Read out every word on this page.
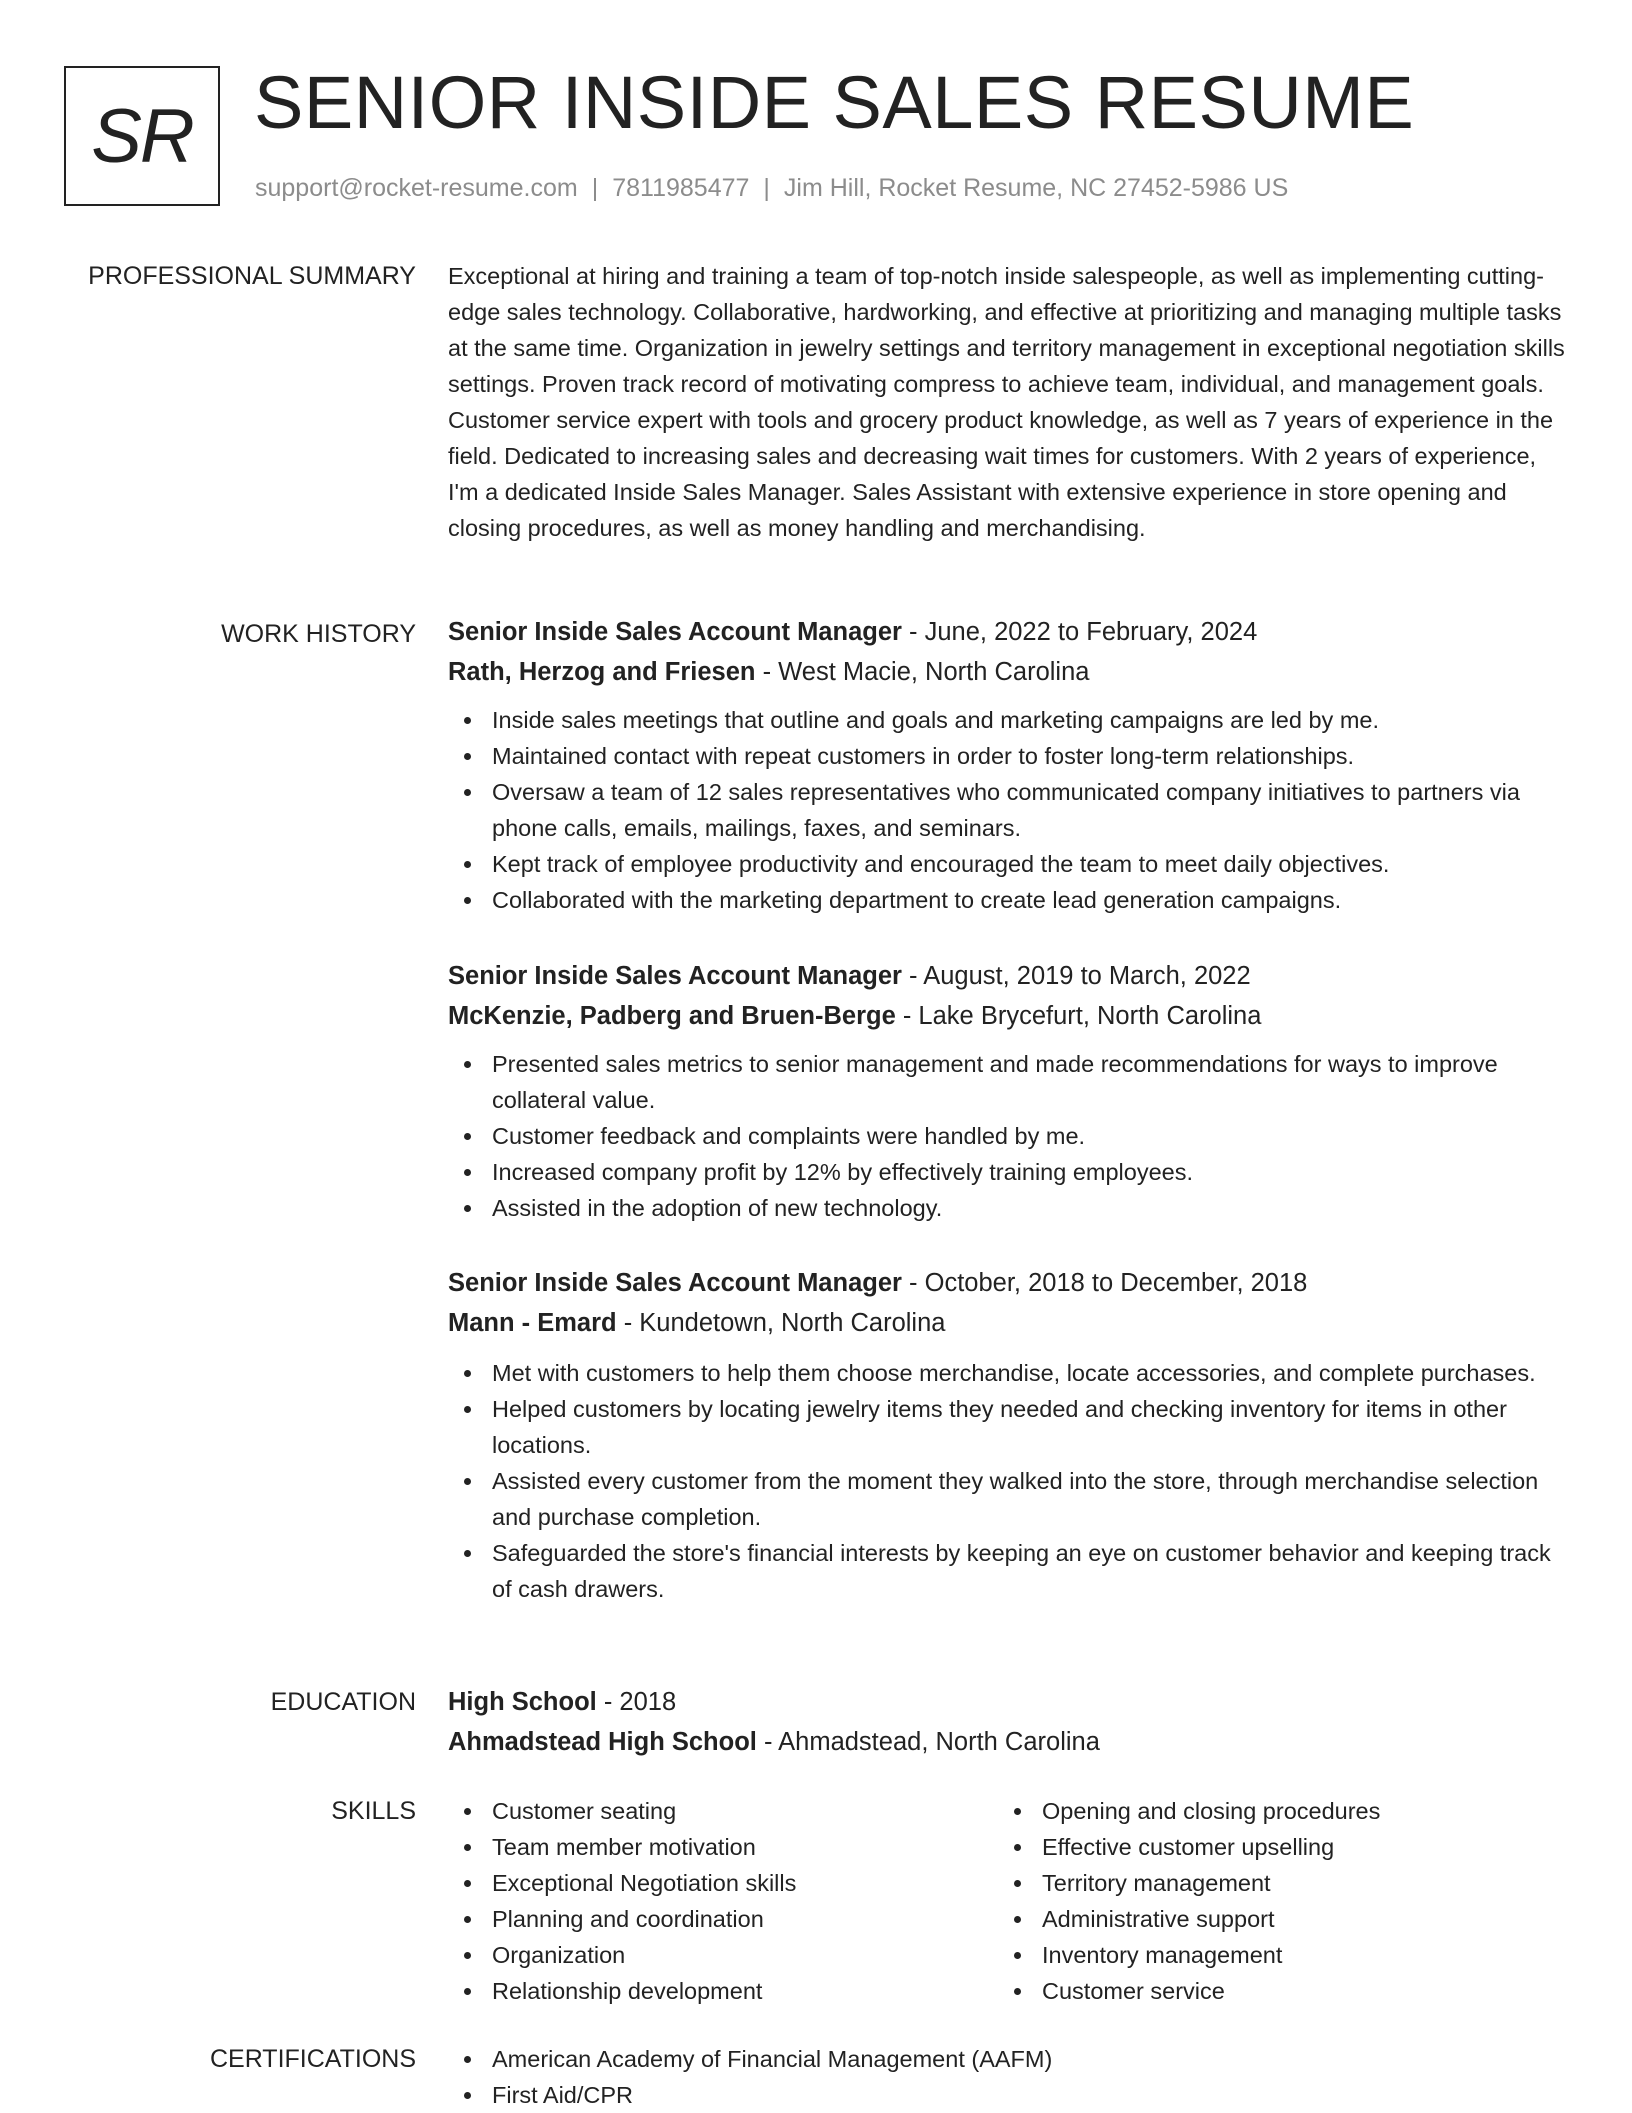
SR SENIOR INSIDE SALES RESUME
support@rocket-resume.com | 7811985477 | Jim Hill, Rocket Resume, NC 27452-5986 US
PROFESSIONAL SUMMARY Exceptional at hiring and training a team of top-notch inside salespeople, as well as implementing cutting-edge sales technology. Collaborative, hardworking, and effective at prioritizing and managing multiple tasks at the same time. Organization in jewelry settings and territory management in exceptional negotiation skills settings. Proven track record of motivating compress to achieve team, individual, and management goals. Customer service expert with tools and grocery product knowledge, as well as 7 years of experience in the field. Dedicated to increasing sales and decreasing wait times for customers. With 2 years of experience, I'm a dedicated Inside Sales Manager. Sales Assistant with extensive experience in store opening and closing procedures, as well as money handling and merchandising.

WORK HISTORY Senior Inside Sales Account Manager - June, 2022 to February, 2024
Rath, Herzog and Friesen - West Macie, North Carolina
Inside sales meetings that outline and goals and marketing campaigns are led by me.
Maintained contact with repeat customers in order to foster long-term relationships.
Oversaw a team of 12 sales representatives who communicated company initiatives to partners via phone calls, emails, mailings, faxes, and seminars.
Kept track of employee productivity and encouraged the team to meet daily objectives.
Collaborated with the marketing department to create lead generation campaigns.
Senior Inside Sales Account Manager - August, 2019 to March, 2022
McKenzie, Padberg and Bruen-Berge - Lake Brycefurt, North Carolina
Presented sales metrics to senior management and made recommendations for ways to improve collateral value.
Customer feedback and complaints were handled by me.
Increased company profit by 12% by effectively training employees.
Assisted in the adoption of new technology.
Senior Inside Sales Account Manager - October, 2018 to December, 2018
Mann - Emard - Kundetown, North Carolina
Met with customers to help them choose merchandise, locate accessories, and complete purchases.
Helped customers by locating jewelry items they needed and checking inventory for items in other locations.
Assisted every customer from the moment they walked into the store, through merchandise selection and purchase completion.
Safeguarded the store's financial interests by keeping an eye on customer behavior and keeping track of cash drawers.
EDUCATION High School - 2018
Ahmadstead High School - Ahmadstead, North Carolina
SKILLS	Customer seating
Team member motivation
Exceptional Negotiation skills
Planning and coordination
Organization
Relationship development
Opening and closing procedures
Effective customer upselling
Territory management
Administrative support
Inventory management
Customer service
CERTIFICATIONS	American Academy of Financial Management (AAFM)
First Aid/CPR
